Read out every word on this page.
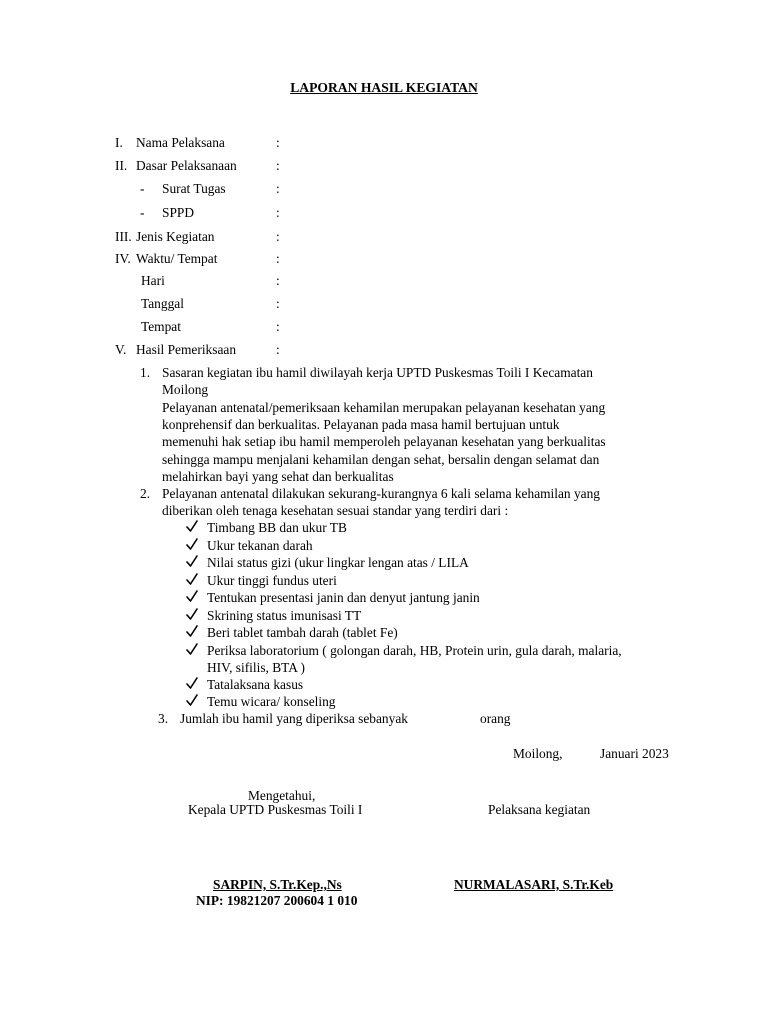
LAPORAN HASIL KEGIATAN
I. Nama Pelaksana	:
II. Dasar Pelaksanaan	:
- Surat Tugas	:
- SPPD	:
III. Jenis Kegiatan	:
IV. Waktu/ Tempat	:
Hari	:
Tanggal	:
Tempat	:
V. Hasil Pemeriksaan	:
1. Sasaran kegiatan ibu hamil diwilayah kerja UPTD Puskesmas Toili I Kecamatan
Moilong
Pelayanan antenatal/pemeriksaan kehamilan merupakan pelayanan kesehatan yang
konprehensif dan berkualitas. Pelayanan pada masa hamil bertujuan untuk
memenuhi hak setiap ibu hamil memperoleh pelayanan kesehatan yang berkualitas
sehingga mampu menjalani kehamilan dengan sehat, bersalin dengan selamat dan
melahirkan bayi yang sehat dan berkualitas
2. Pelayanan antenatal dilakukan sekurang-kurangnya 6 kali selama kehamilan yang
diberikan oleh tenaga kesehatan sesuai standar yang terdiri dari :
Timbang BB dan ukur TB
Ukur tekanan darah
Nilai status gizi (ukur lingkar lengan atas / LILA
Ukur tinggi fundus uteri
Tentukan presentasi janin dan denyut jantung janin
Skrining status imunisasi TT
Beri tablet tambah darah (tablet Fe)
Periksa laboratorium ( golongan darah, HB, Protein urin, gula darah, malaria,
HIV, sifilis, BTA )
Tatalaksana kasus
Temu wicara/ konseling
3. Jumlah ibu hamil yang diperiksa sebanyak	orang
Moilong,	Januari 2023
Mengetahui,
Kepala UPTD Puskesmas Toili I	Pelaksana kegiatan
SARPIN, S.Tr.Kep.,Ns
NIP: 19821207 200604 1 010
NURMALASARI, S.Tr.Keb
